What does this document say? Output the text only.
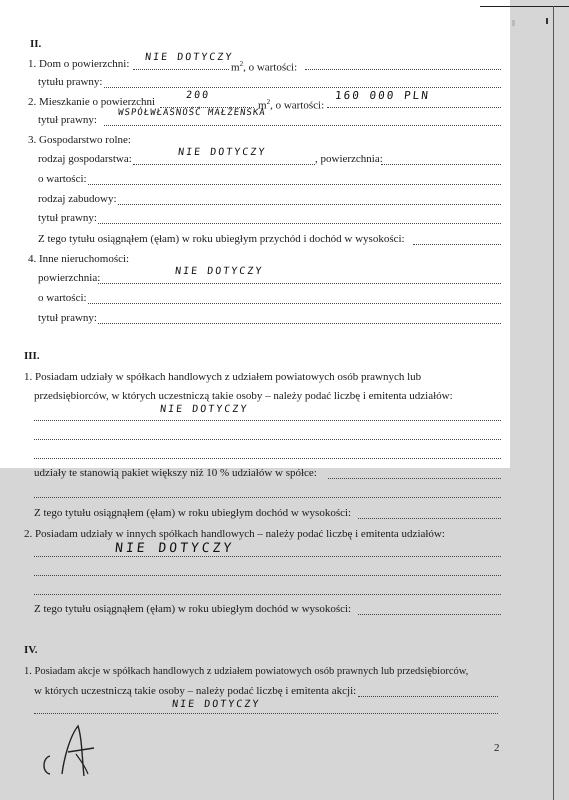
II.
1. Dom o powierzchni:
NIE DOTYCZY
$m^2$, o wartości:
tytułu prawny:
2. Mieszkanie o powierzchni
200
$m^2$, o wartości:
160 000 PLN
tytuł prawny:
WSPÓŁWŁASNOŚĆ MAŁŻEŃSKA
3. Gospodarstwo rolne:
rodzaj gospodarstwa:
NIE DOTYCZY
, powierzchnia:
o wartości:
rodzaj zabudowy:
tytuł prawny:
Z tego tytułu osiągnąłem (ęłam) w roku ubiegłym przychód i dochód w wysokości:
4. Inne nieruchomości:
powierzchnia:
NIE DOTYCZY
o wartości:
tytuł prawny:
III.
1. Posiadam udziały w spółkach handlowych z udziałem powiatowych osób prawnych lub
przedsiębiorców, w których uczestniczą takie osoby – należy podać liczbę i emitenta udziałów:
NIE DOTYCZY
udziały te stanowią pakiet większy niż 10 % udziałów w spółce:
Z tego tytułu osiągnąłem (ęłam) w roku ubiegłym dochód w wysokości:
2. Posiadam udziały w innych spółkach handlowych – należy podać liczbę i emitenta udziałów:
NIE DOTYCZY
Z tego tytułu osiągnąłem (ęłam) w roku ubiegłym dochód w wysokości:
IV.
1. Posiadam akcje w spółkach handlowych z udziałem powiatowych osób prawnych lub przedsiębiorców,
w których uczestniczą takie osoby – należy podać liczbę i emitenta akcji:
NIE DOTYCZY
2
